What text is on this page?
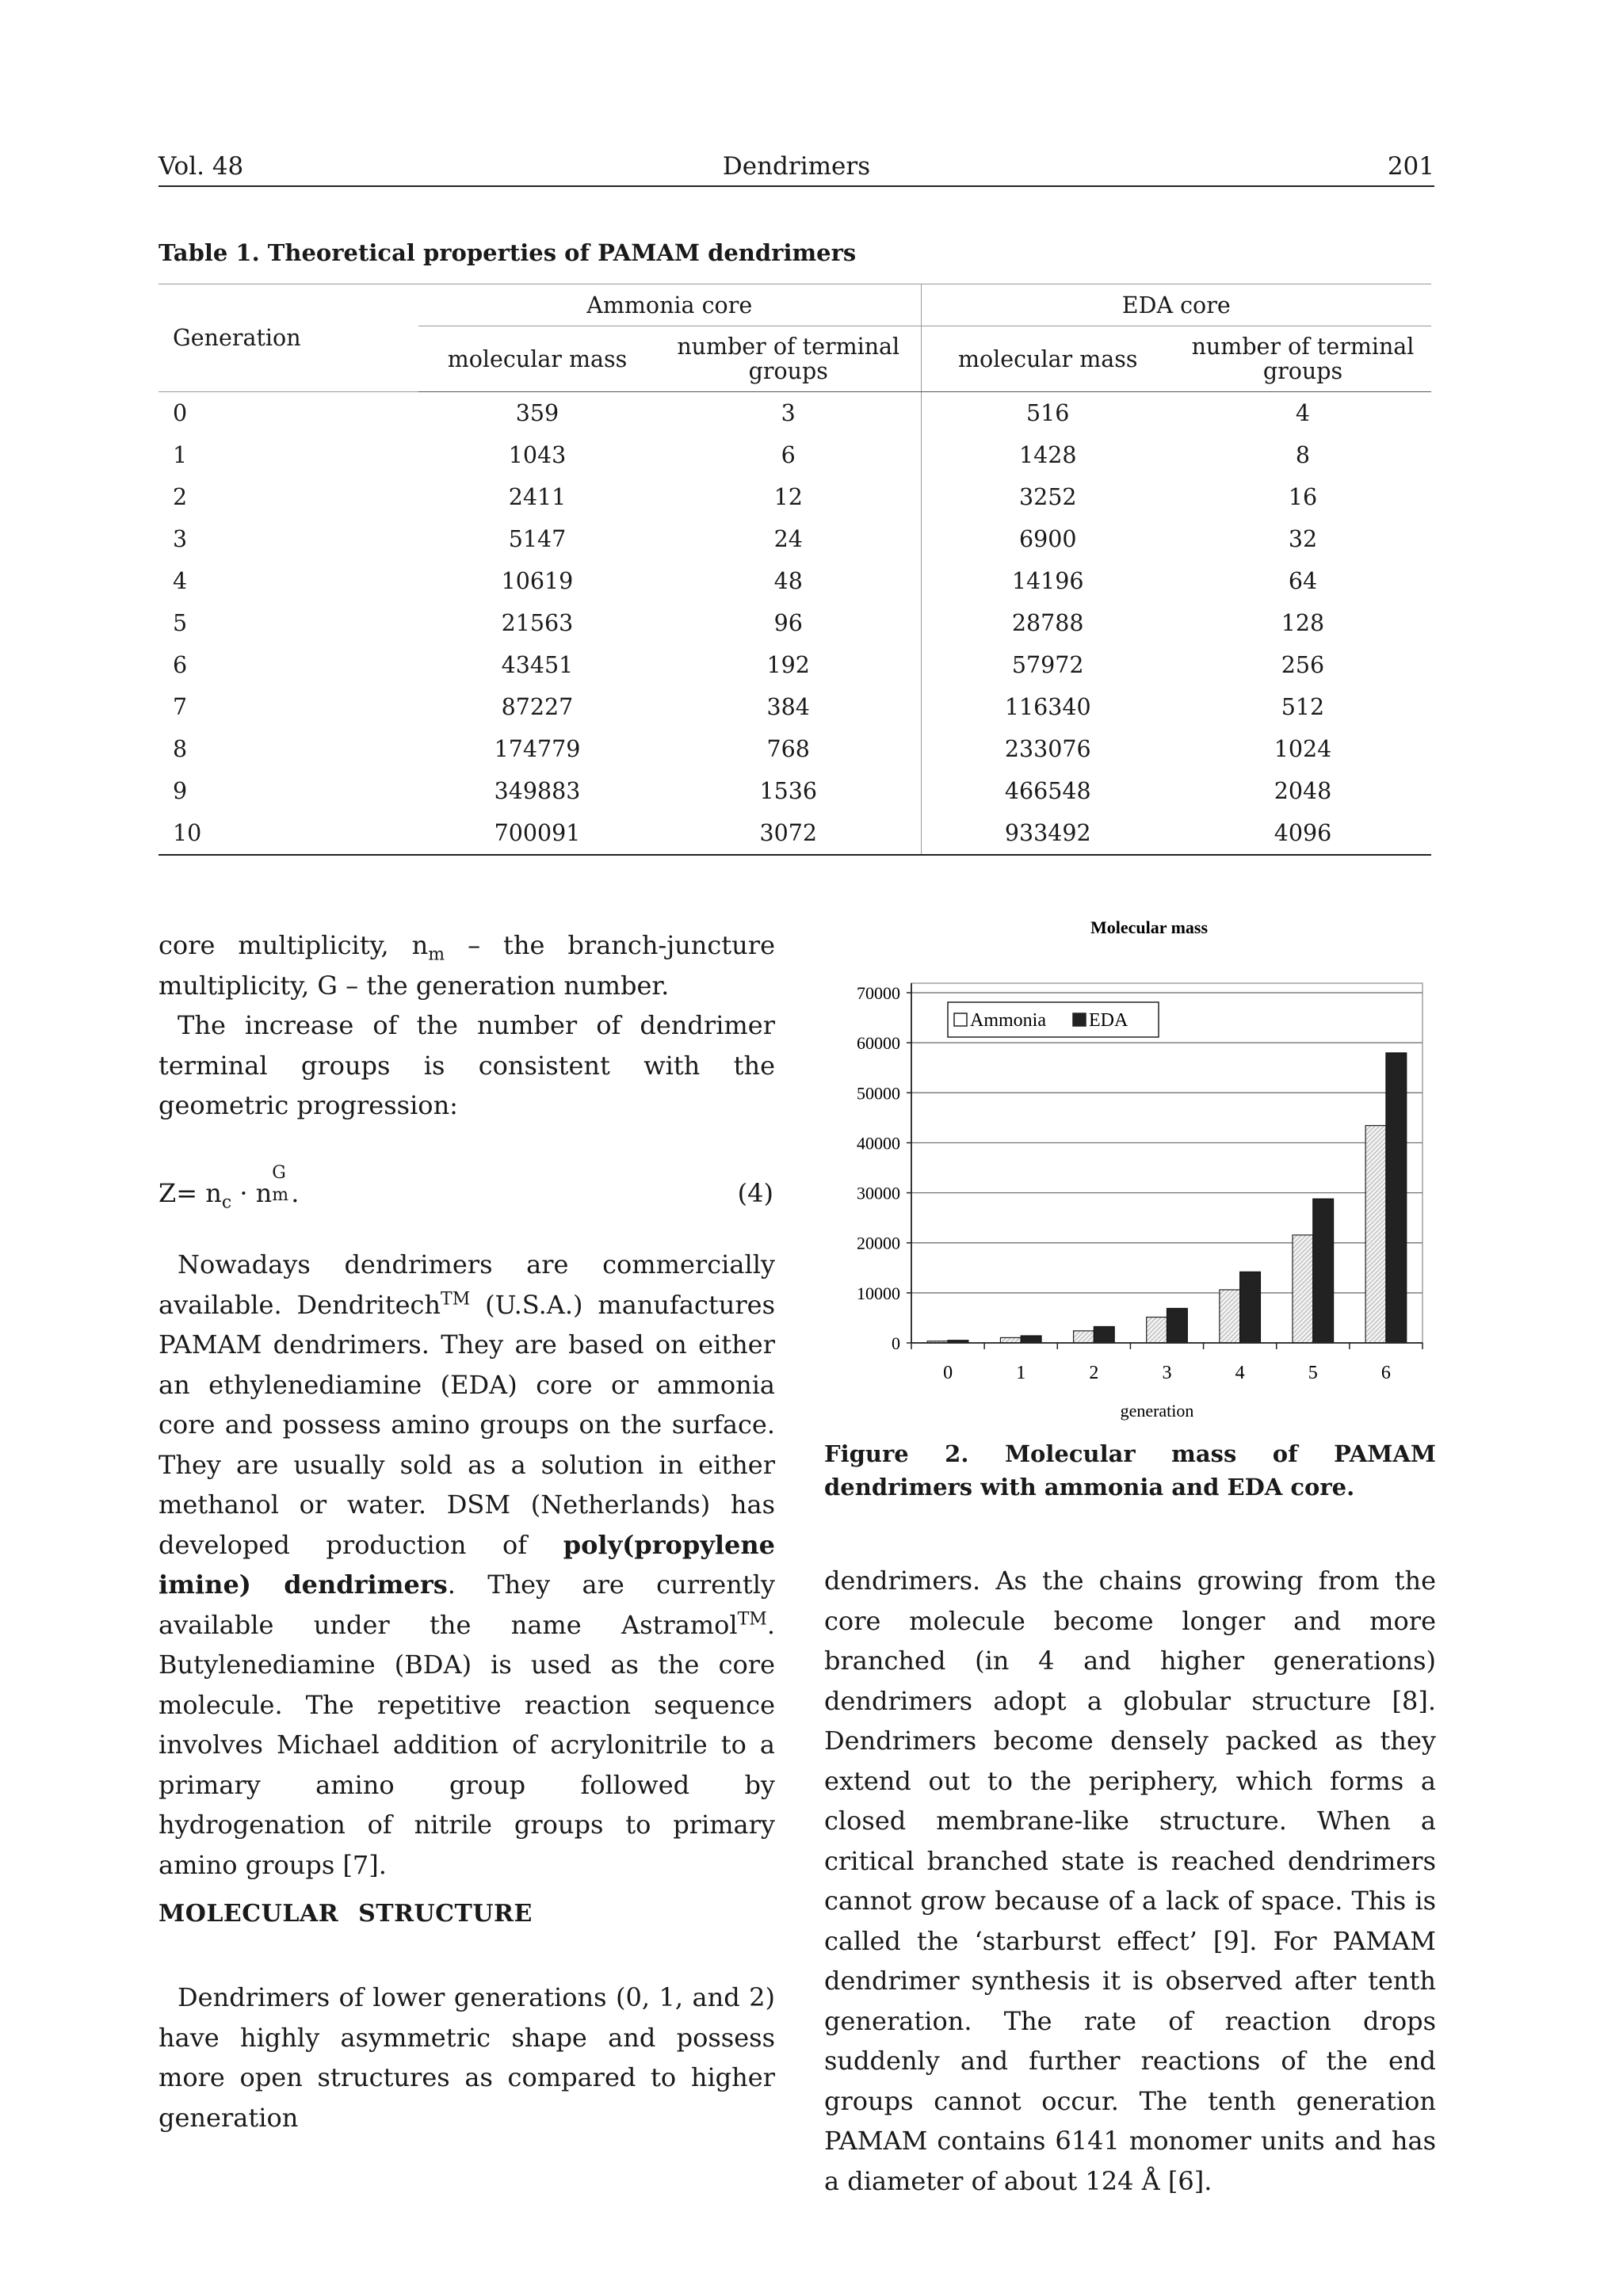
Vol. 48	Dendrimers	201
Table 1. Theoretical properties of PAMAM dendrimers
Generation	Ammonia core		EDA core	
	molecular mass	number of terminal groups	molecular mass	number of terminal groups
0	359	3	516	4
1	1043	6	1428	8
2	2411	12	3252	16
3	5147	24	6900	32
4	10619	48	14196	64
5	21563	96	28788	128
6	43451	192	57972	256
7	87227	384	116340	512
8	174779	768	233076	1024
9	349883	1536	466548	2048
10	700091	3072	933492	4096

core multiplicity, $n_m$ – the branch-juncture multiplicity, G – the generation number.

The increase of the number of dendrimer terminal groups is consistent with the geometric progression:

$Z= n_c \cdot n$
G
m .	(4)

Nowadays dendrimers are commercially available. Dendritech™ (U.S.A.) manufactures PAMAM dendrimers. They are based on either an ethylenediamine (EDA) core or ammonia core and possess amino groups on the surface. They are usually sold as a solution in either methanol or water. DSM (Netherlands) has developed production of poly(propylene imine) dendrimers. They are currently available under the name Astramol™. Butylenediamine (BDA) is used as the core molecule. The repetitive reaction sequence involves Michael addition of acrylonitrile to a primary amino group followed by hydrogenation of nitrile groups to primary amino groups [7].

MOLECULAR STRUCTURE

Dendrimers of lower generations (0, 1, and 2) have highly asymmetric shape and possess more open structures as compared to higher generation

Molecular mass
0
10000
20000
30000
40000
50000
60000
70000
0	1	2	3	4	5	6
generation
Ammonia EDA
Figure 2. Molecular mass of PAMAM dendrimers with ammonia and EDA core.

dendrimers. As the chains growing from the core molecule become longer and more branched (in 4 and higher generations) dendrimers adopt a globular structure [8]. Dendrimers become densely packed as they extend out to the periphery, which forms a closed membrane-like structure. When a critical branched state is reached dendrimers cannot grow because of a lack of space. This is called the ‘starburst effect’ [9]. For PAMAM dendrimer synthesis it is observed after tenth generation. The rate of reaction drops suddenly and further reactions of the end groups cannot occur. The tenth generation PAMAM contains 6141 monomer units and has a diameter of about 124 Å [6].
